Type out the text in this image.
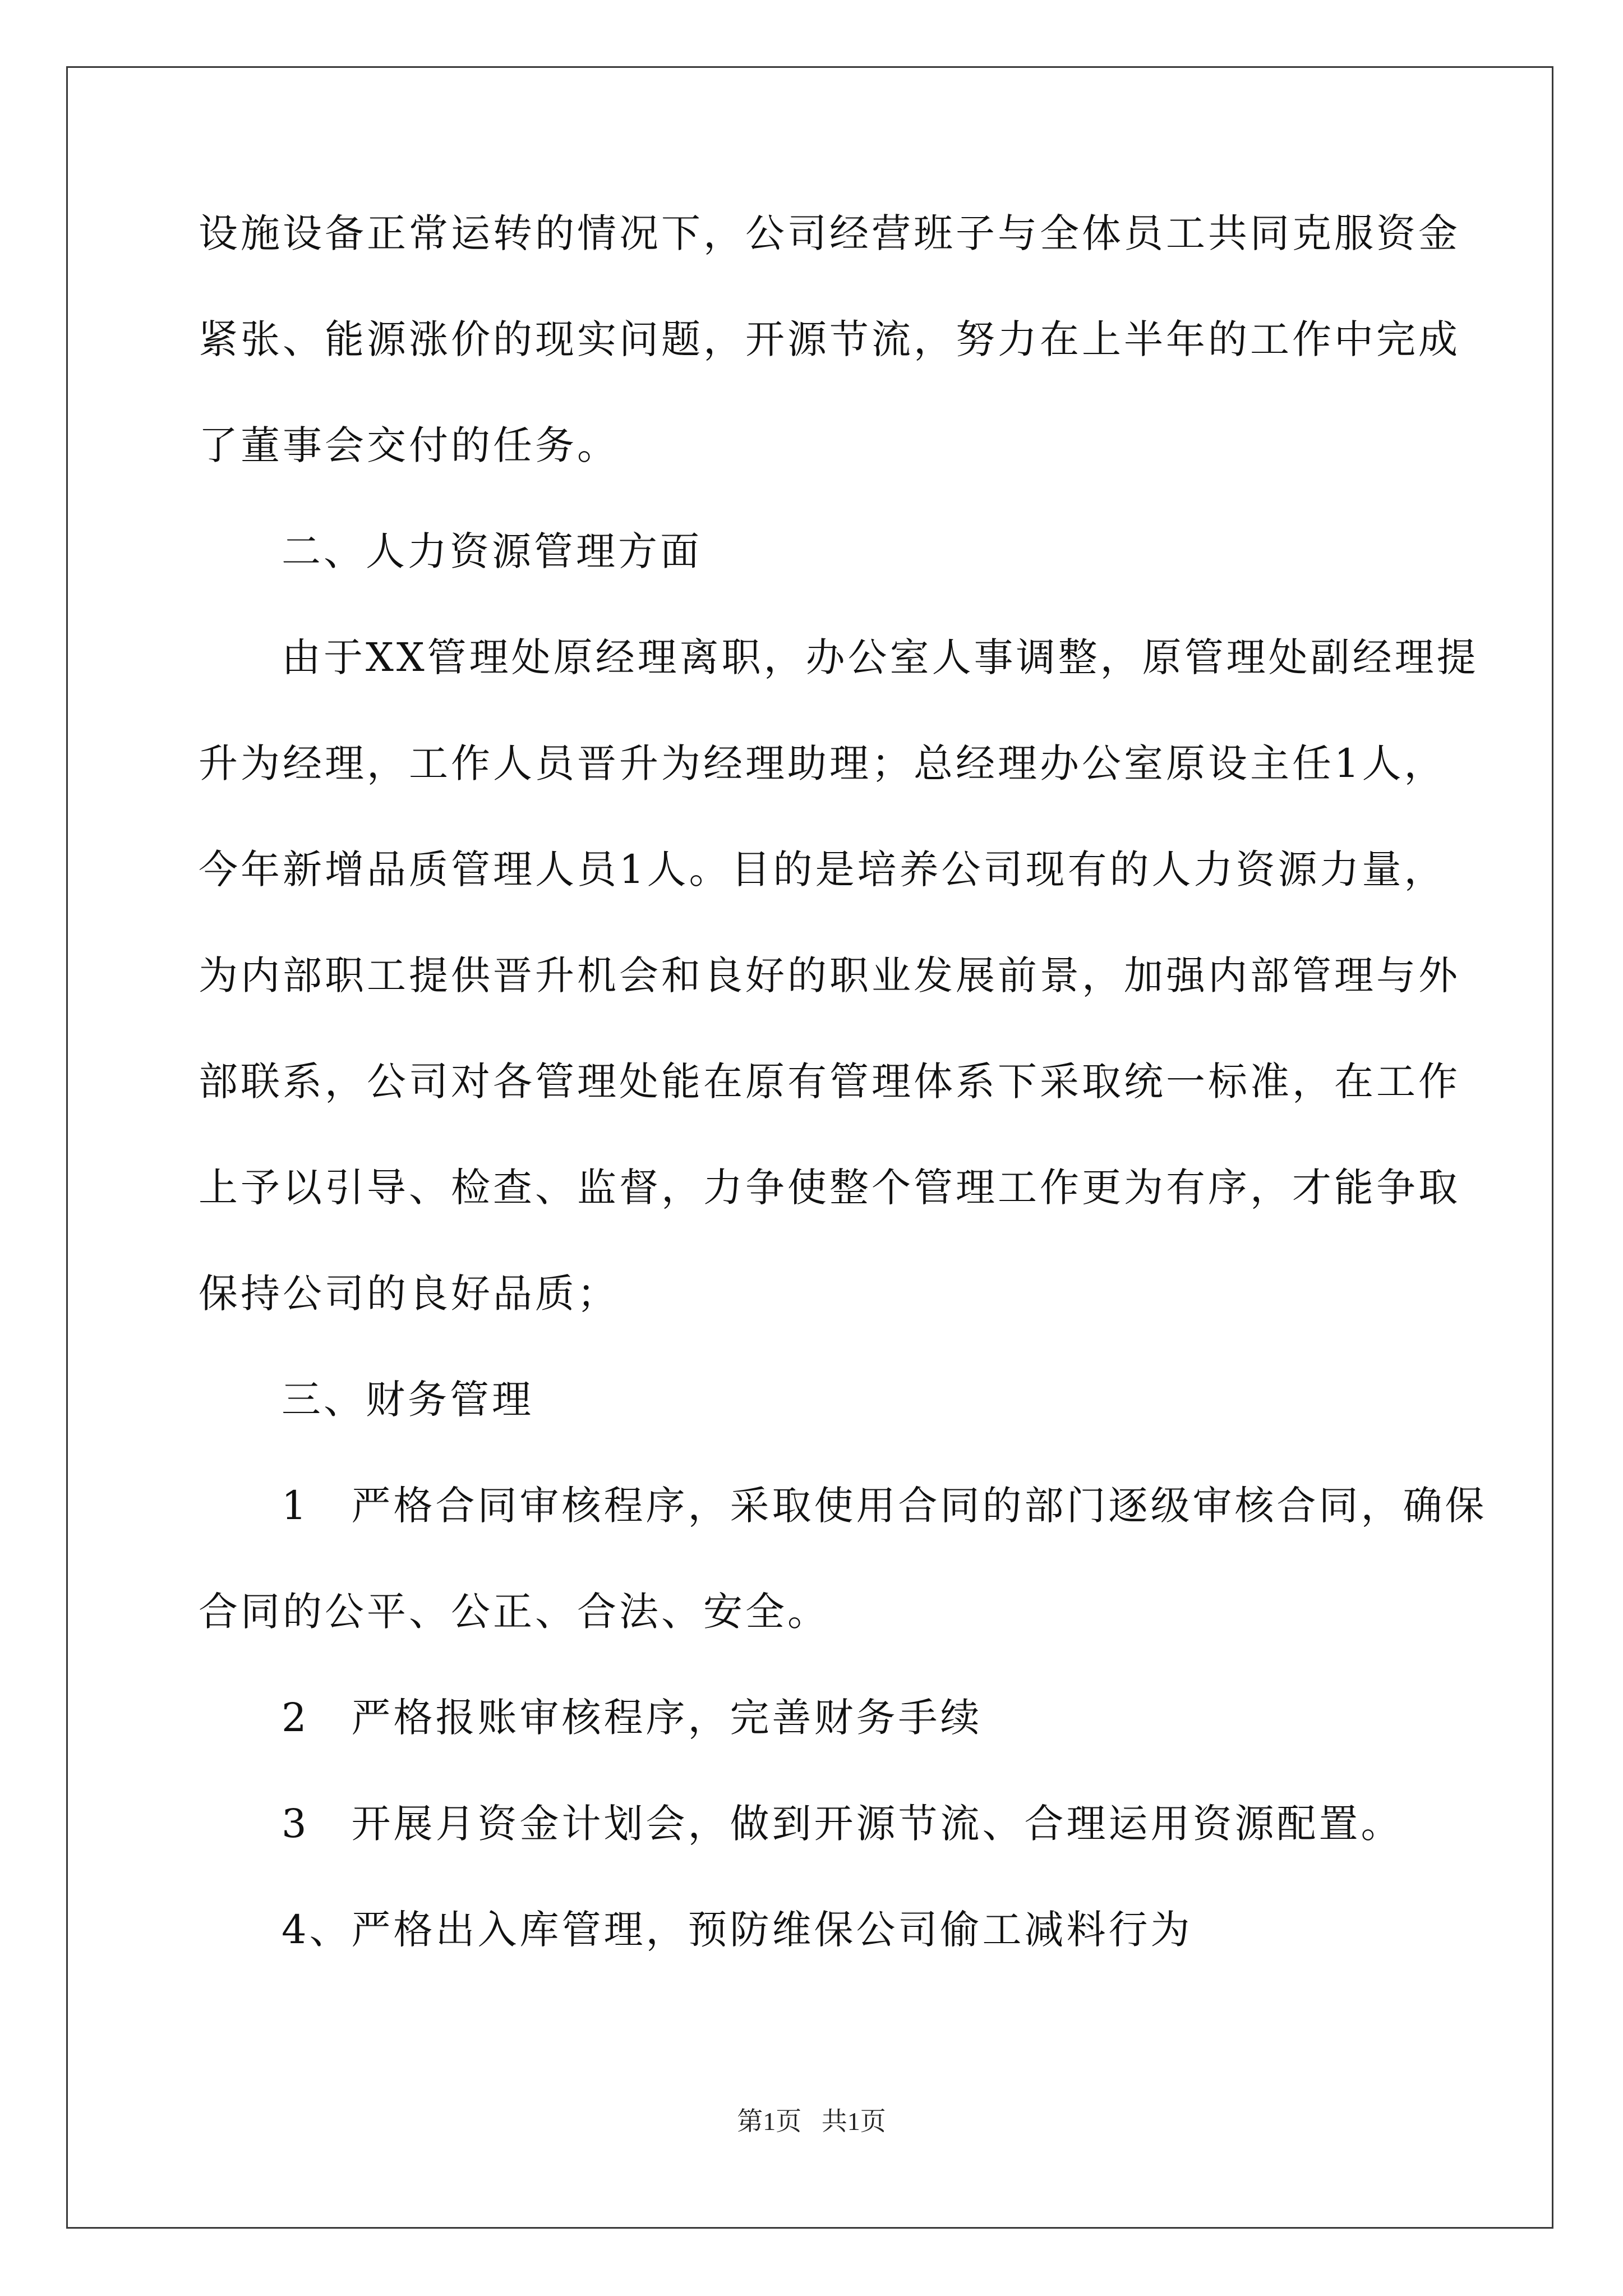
设施设备正常运转的情况下，公司经营班子与全体员工共同克服资金
紧张、能源涨价的现实问题，开源节流，努力在上半年的工作中完成
了董事会交付的任务。
二、人力资源管理方面
由于XX管理处原经理离职，办公室人事调整，原管理处副经理提
升为经理，工作人员晋升为经理助理；总经理办公室原设主任1人，
今年新增品质管理人员1人。目的是培养公司现有的人力资源力量，
为内部职工提供晋升机会和良好的职业发展前景，加强内部管理与外
部联系，公司对各管理处能在原有管理体系下采取统一标准，在工作
上予以引导、检查、监督，力争使整个管理工作更为有序，才能争取
保持公司的良好品质；
三、财务管理
1　严格合同审核程序，采取使用合同的部门逐级审核合同，确保
合同的公平、公正、合法、安全。
2　严格报账审核程序，完善财务手续
3　开展月资金计划会，做到开源节流、合理运用资源配置。
4、严格出入库管理，预防维保公司偷工减料行为
第1页 共1页
